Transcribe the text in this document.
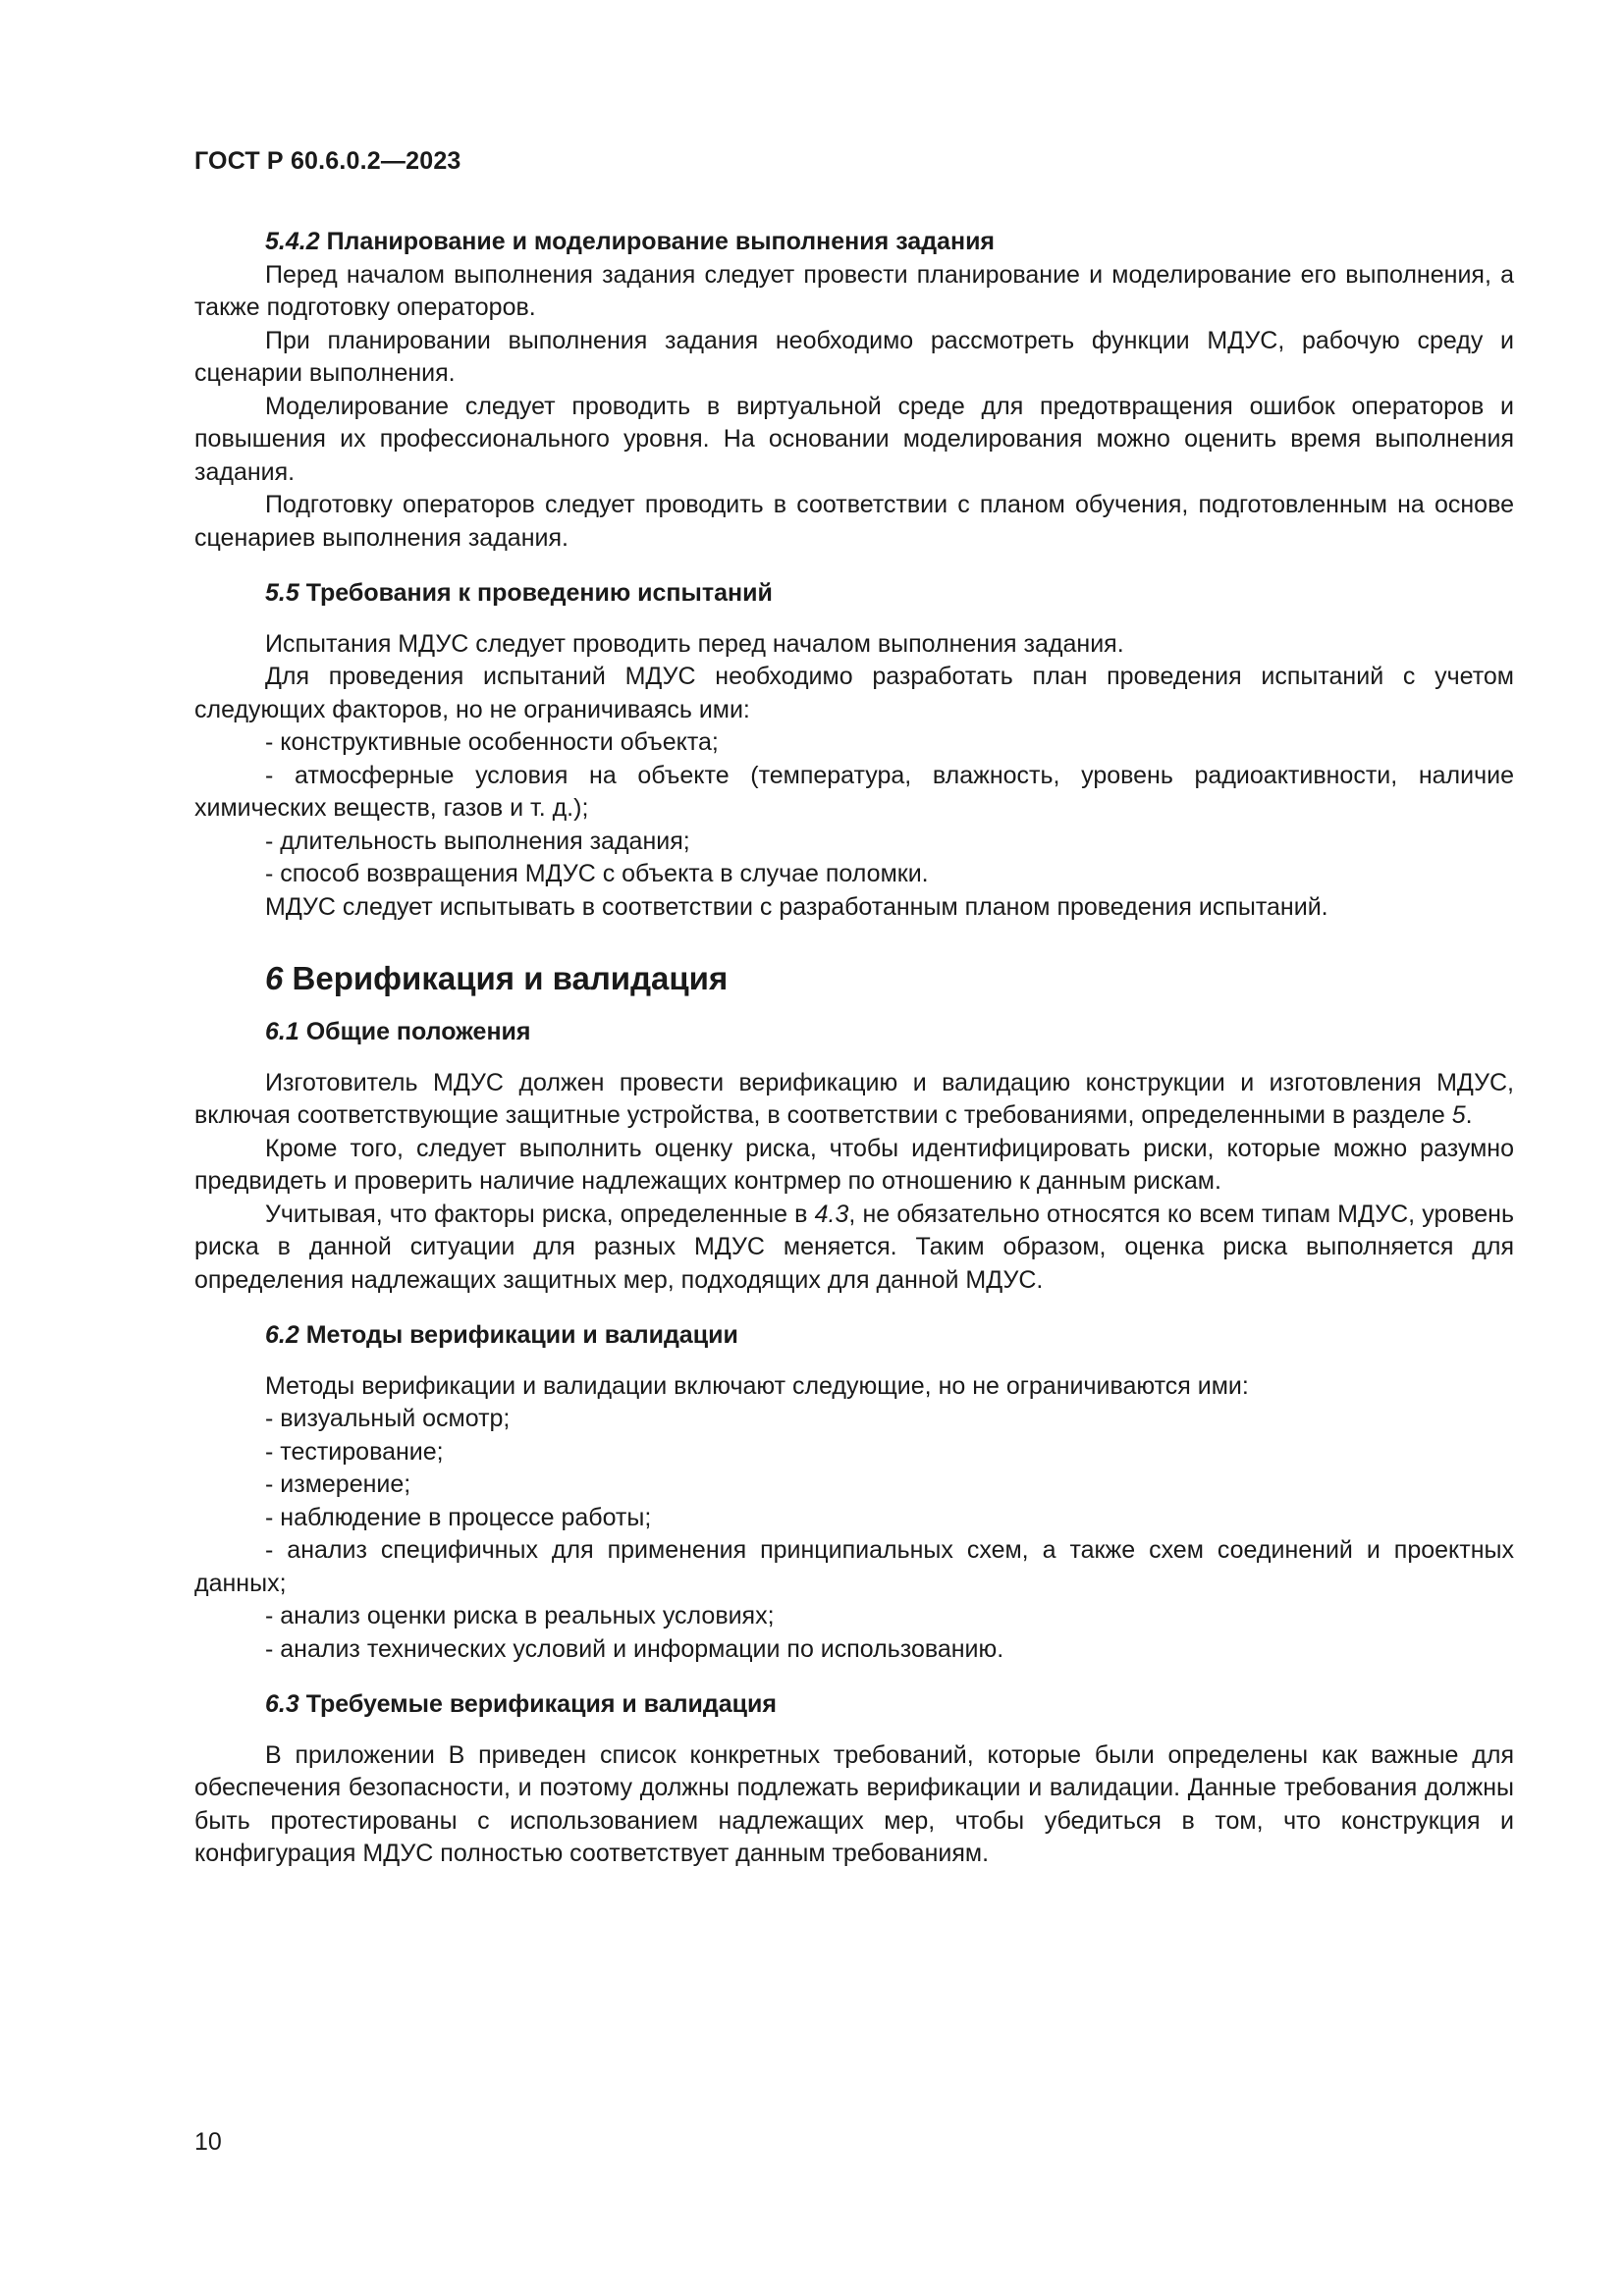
ГОСТ Р 60.6.0.2—2023
5.4.2 Планирование и моделирование выполнения задания

Перед началом выполнения задания следует провести планирование и моделирование его выполнения, а также подготовку операторов.

При планировании выполнения задания необходимо рассмотреть функции МДУС, рабочую среду и сценарии выполнения.

Моделирование следует проводить в виртуальной среде для предотвращения ошибок операторов и повышения их профессионального уровня. На основании моделирования можно оценить время выполнения задания.

Подготовку операторов следует проводить в соответствии с планом обучения, подготовленным на основе сценариев выполнения задания.

5.5 Требования к проведению испытаний

Испытания МДУС следует проводить перед началом выполнения задания.

Для проведения испытаний МДУС необходимо разработать план проведения испытаний с учетом следующих факторов, но не ограничиваясь ими:

- конструктивные особенности объекта;

- атмосферные условия на объекте (температура, влажность, уровень радиоактивности, наличие химических веществ, газов и т. д.);

- длительность выполнения задания;

- способ возвращения МДУС с объекта в случае поломки.

МДУС следует испытывать в соответствии с разработанным планом проведения испытаний.

6 Верификация и валидация
6.1 Общие положения

Изготовитель МДУС должен провести верификацию и валидацию конструкции и изготовления МДУС, включая соответствующие защитные устройства, в соответствии с требованиями, определенными в разделе 5.

Кроме того, следует выполнить оценку риска, чтобы идентифицировать риски, которые можно разумно предвидеть и проверить наличие надлежащих контрмер по отношению к данным рискам.

Учитывая, что факторы риска, определенные в 4.3, не обязательно относятся ко всем типам МДУС, уровень риска в данной ситуации для разных МДУС меняется. Таким образом, оценка риска выполняется для определения надлежащих защитных мер, подходящих для данной МДУС.

6.2 Методы верификации и валидации

Методы верификации и валидации включают следующие, но не ограничиваются ими:

- визуальный осмотр;

- тестирование;

- измерение;

- наблюдение в процессе работы;

- анализ специфичных для применения принципиальных схем, а также схем соединений и проектных данных;

- анализ оценки риска в реальных условиях;

- анализ технических условий и информации по использованию.

6.3 Требуемые верификация и валидация

В приложении В приведен список конкретных требований, которые были определены как важные для обеспечения безопасности, и поэтому должны подлежать верификации и валидации. Данные требования должны быть протестированы с использованием надлежащих мер, чтобы убедиться в том, что конструкция и конфигурация МДУС полностью соответствует данным требованиям.

10
